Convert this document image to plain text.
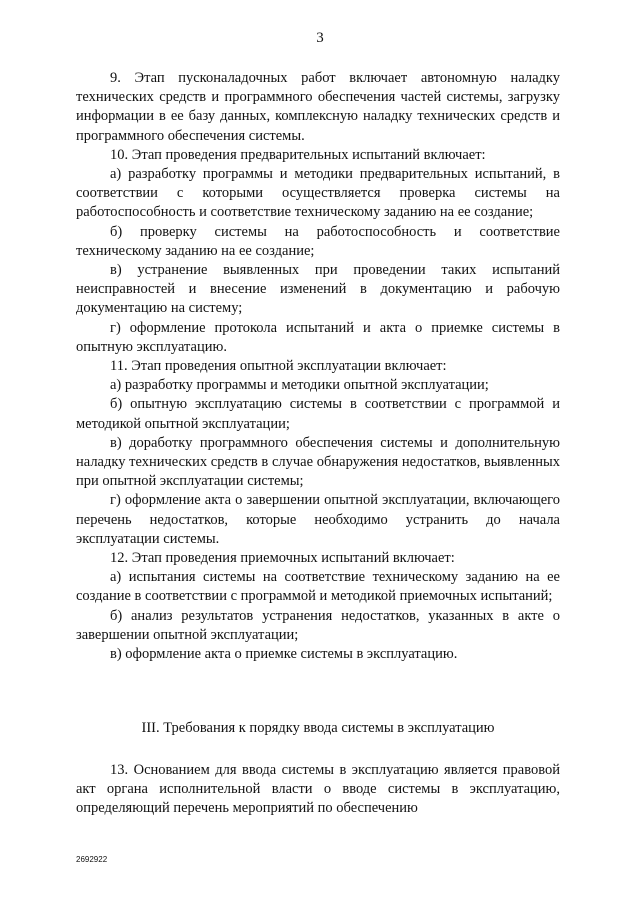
3

9. Этап пусконаладочных работ включает автономную наладку технических средств и программного обеспечения частей системы, загрузку информации в ее базу данных, комплексную наладку технических средств и программного обеспечения системы.

10. Этап проведения предварительных испытаний включает:

а) разработку программы и методики предварительных испытаний, в соответствии с которыми осуществляется проверка системы на работоспособность и соответствие техническому заданию на ее создание;

б) проверку системы на работоспособность и соответствие техническому заданию на ее создание;

в) устранение выявленных при проведении таких испытаний неисправностей и внесение изменений в документацию и рабочую документацию на систему;

г) оформление протокола испытаний и акта о приемке системы в опытную эксплуатацию.

11. Этап проведения опытной эксплуатации включает:

а) разработку программы и методики опытной эксплуатации;

б) опытную эксплуатацию системы в соответствии с программой и методикой опытной эксплуатации;

в) доработку программного обеспечения системы и дополнительную наладку технических средств в случае обнаружения недостатков, выявленных при опытной эксплуатации системы;

г) оформление акта о завершении опытной эксплуатации, включающего перечень недостатков, которые необходимо устранить до начала эксплуатации системы.

12. Этап проведения приемочных испытаний включает:

а) испытания системы на соответствие техническому заданию на ее создание в соответствии с программой и методикой приемочных испытаний;

б) анализ результатов устранения недостатков, указанных в акте о завершении опытной эксплуатации;

в) оформление акта о приемке системы в эксплуатацию.

III. Требования к порядку ввода системы в эксплуатацию

13. Основанием для ввода системы в эксплуатацию является правовой акт органа исполнительной власти о вводе системы в эксплуатацию, определяющий перечень мероприятий по обеспечению

2692922
